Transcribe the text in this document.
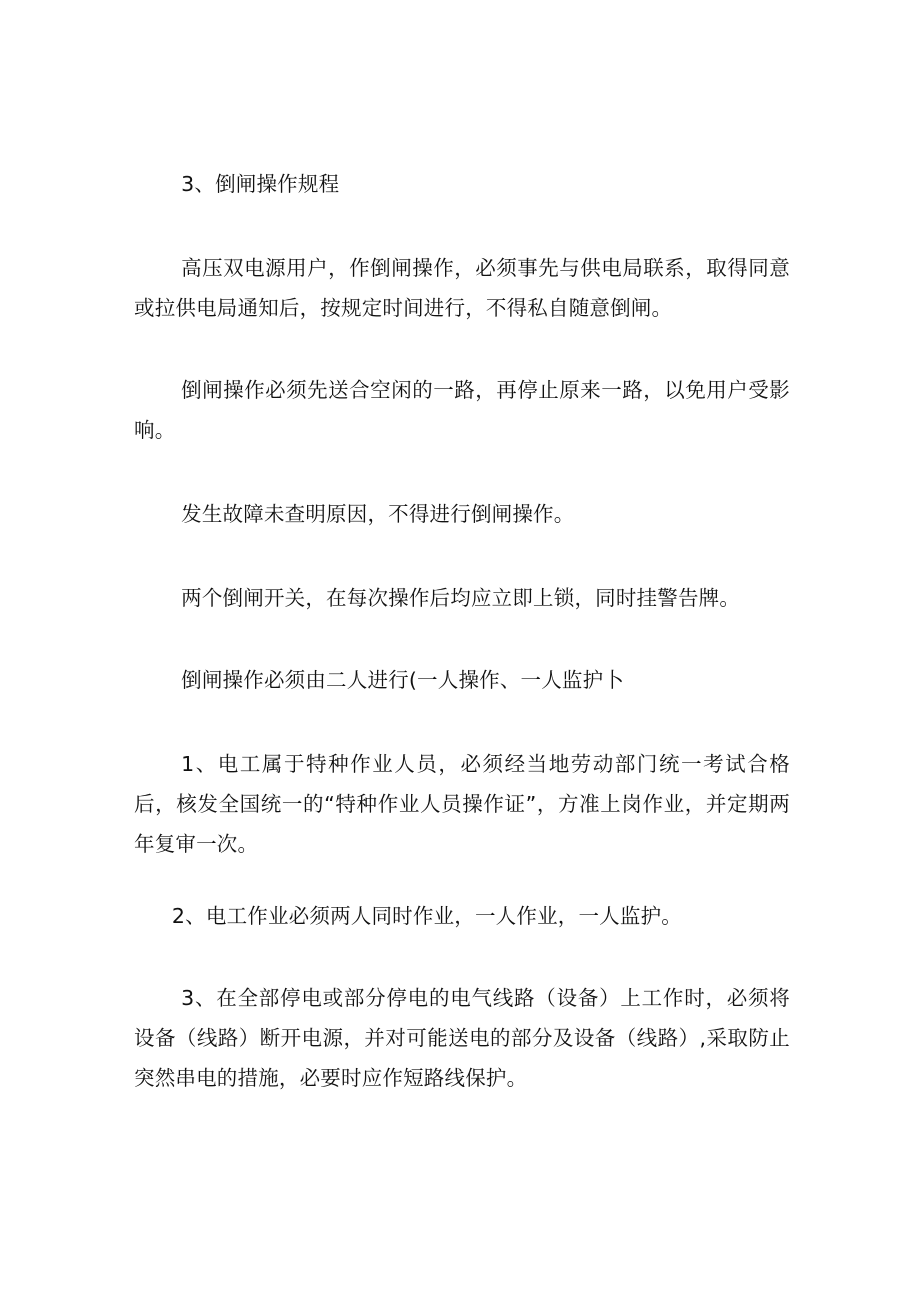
3、倒闸操作规程

高压双电源用户，作倒闸操作，必须事先与供电局联系，取得同意或拉供电局通知后，按规定时间进行，不得私自随意倒闸。

倒闸操作必须先送合空闲的一路，再停止原来一路，以免用户受影响。

发生故障未查明原因，不得进行倒闸操作。

两个倒闸开关，在每次操作后均应立即上锁，同时挂警告牌。

倒闸操作必须由二人进行(一人操作、一人监护卜

1、电工属于特种作业人员，必须经当地劳动部门统一考试合格后，核发全国统一的“特种作业人员操作证”，方准上岗作业，并定期两年复审一次。

2、电工作业必须两人同时作业，一人作业，一人监护。

3、在全部停电或部分停电的电气线路（设备）上工作时，必须将设备（线路）断开电源，并对可能送电的部分及设备（线路）,采取防止突然串电的措施，必要时应作短路线保护。
